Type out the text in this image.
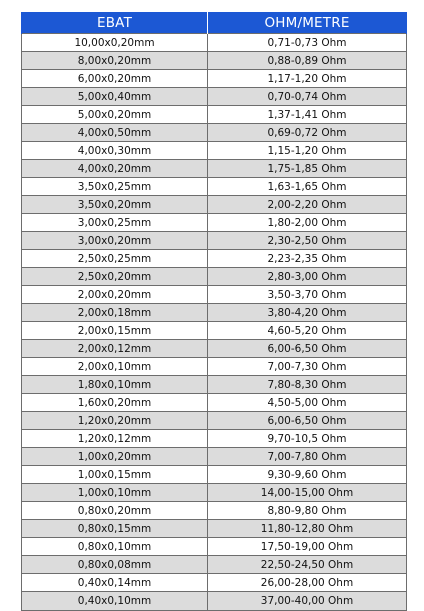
EBAT	OHM/METRE
10,00x0,20mm	0,71-0,73 Ohm
8,00x0,20mm	0,88-0,89 Ohm
6,00x0,20mm	1,17-1,20 Ohm
5,00x0,40mm	0,70-0,74 Ohm
5,00x0,20mm	1,37-1,41 Ohm
4,00x0,50mm	0,69-0,72 Ohm
4,00x0,30mm	1,15-1,20 Ohm
4,00x0,20mm	1,75-1,85 Ohm
3,50x0,25mm	1,63-1,65 Ohm
3,50x0,20mm	2,00-2,20 Ohm
3,00x0,25mm	1,80-2,00 Ohm
3,00x0,20mm	2,30-2,50 Ohm
2,50x0,25mm	2,23-2,35 Ohm
2,50x0,20mm	2,80-3,00 Ohm
2,00x0,20mm	3,50-3,70 Ohm
2,00x0,18mm	3,80-4,20 Ohm
2,00x0,15mm	4,60-5,20 Ohm
2,00x0,12mm	6,00-6,50 Ohm
2,00x0,10mm	7,00-7,30 Ohm
1,80x0,10mm	7,80-8,30 Ohm
1,60x0,20mm	4,50-5,00 Ohm
1,20x0,20mm	6,00-6,50 Ohm
1,20x0,12mm	9,70-10,5 Ohm
1,00x0,20mm	7,00-7,80 Ohm
1,00x0,15mm	9,30-9,60 Ohm
1,00x0,10mm	14,00-15,00 Ohm
0,80x0,20mm	8,80-9,80 Ohm
0,80x0,15mm	11,80-12,80 Ohm
0,80x0,10mm	17,50-19,00 Ohm
0,80x0,08mm	22,50-24,50 Ohm
0,40x0,14mm	26,00-28,00 Ohm
0,40x0,10mm	37,00-40,00 Ohm
